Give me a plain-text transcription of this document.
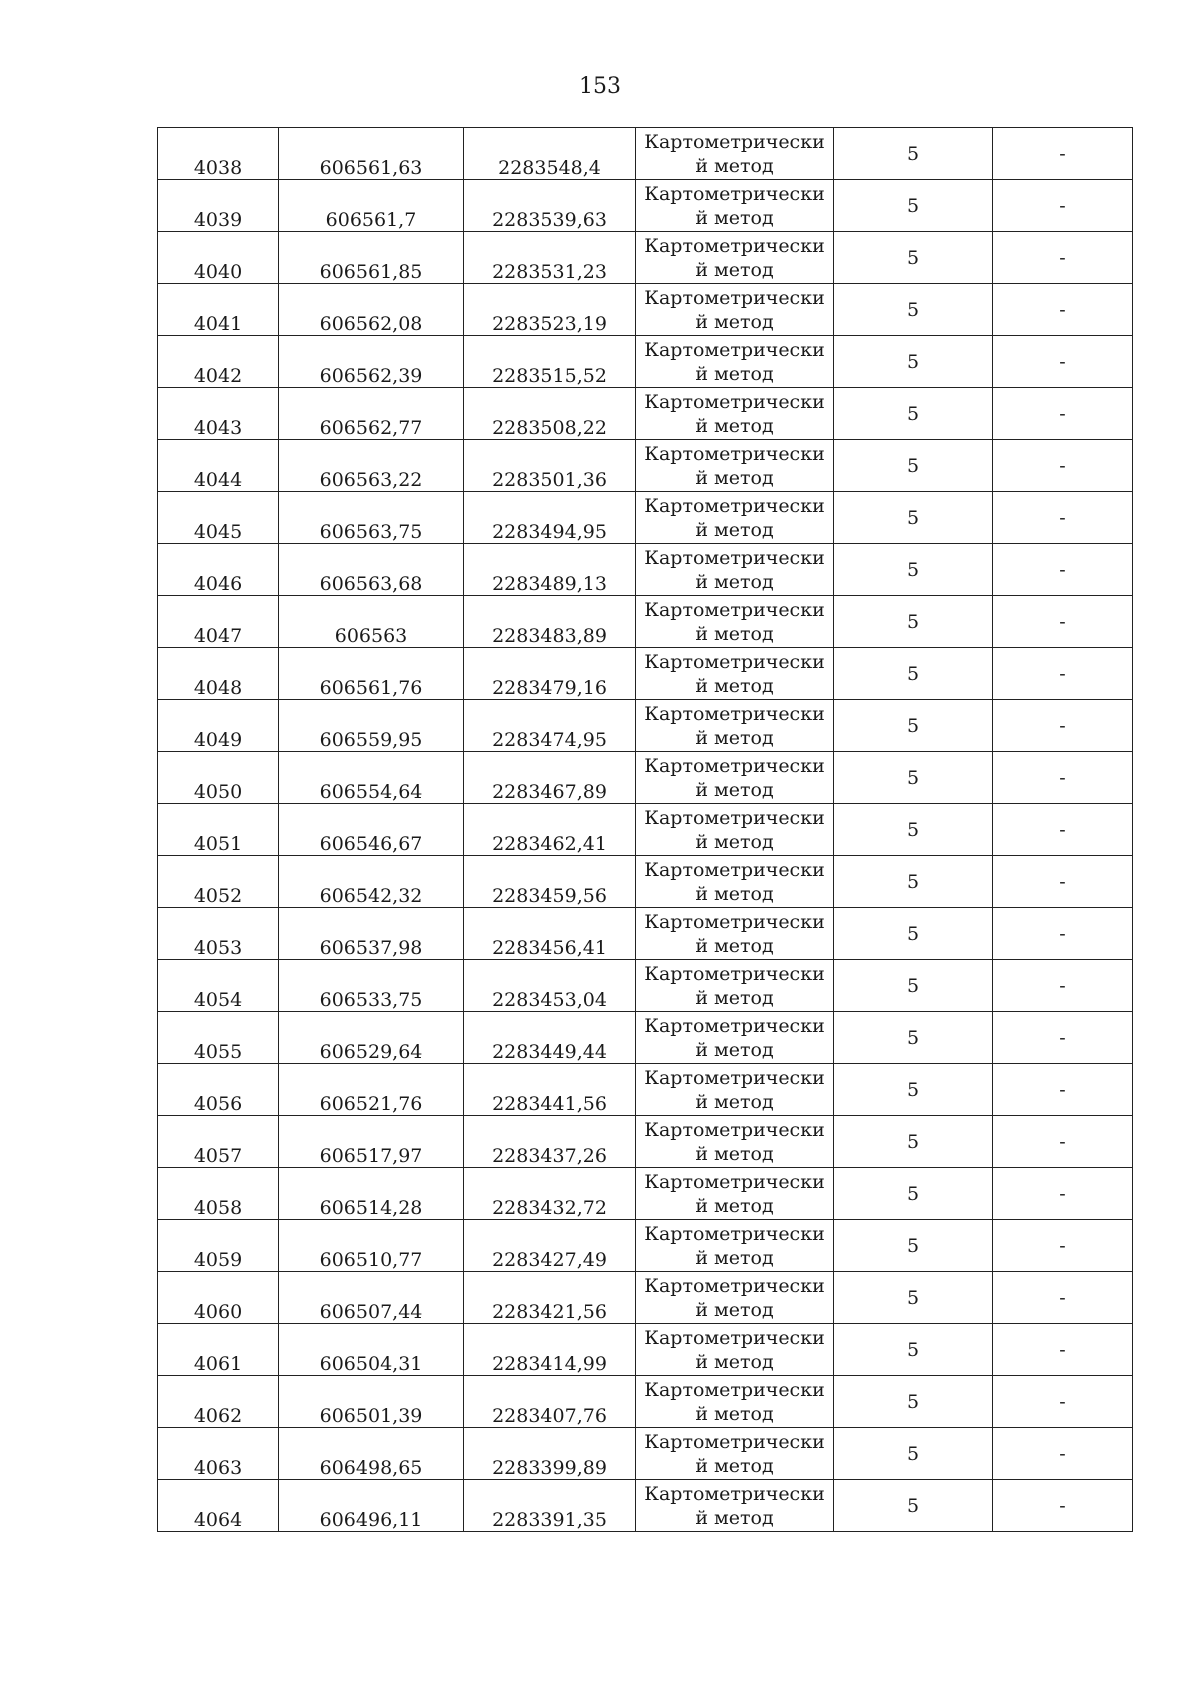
153
4038	606561,63	2283548,4	Картометрически
й метод	5	-
4039	606561,7	2283539,63	Картометрически
й метод	5	-
4040	606561,85	2283531,23	Картометрически
й метод	5	-
4041	606562,08	2283523,19	Картометрически
й метод	5	-
4042	606562,39	2283515,52	Картометрически
й метод	5	-
4043	606562,77	2283508,22	Картометрически
й метод	5	-
4044	606563,22	2283501,36	Картометрически
й метод	5	-
4045	606563,75	2283494,95	Картометрически
й метод	5	-
4046	606563,68	2283489,13	Картометрически
й метод	5	-
4047	606563	2283483,89	Картометрически
й метод	5	-
4048	606561,76	2283479,16	Картометрически
й метод	5	-
4049	606559,95	2283474,95	Картометрически
й метод	5	-
4050	606554,64	2283467,89	Картометрически
й метод	5	-
4051	606546,67	2283462,41	Картометрически
й метод	5	-
4052	606542,32	2283459,56	Картометрически
й метод	5	-
4053	606537,98	2283456,41	Картометрически
й метод	5	-
4054	606533,75	2283453,04	Картометрически
й метод	5	-
4055	606529,64	2283449,44	Картометрически
й метод	5	-
4056	606521,76	2283441,56	Картометрически
й метод	5	-
4057	606517,97	2283437,26	Картометрически
й метод	5	-
4058	606514,28	2283432,72	Картометрически
й метод	5	-
4059	606510,77	2283427,49	Картометрически
й метод	5	-
4060	606507,44	2283421,56	Картометрически
й метод	5	-
4061	606504,31	2283414,99	Картометрически
й метод	5	-
4062	606501,39	2283407,76	Картометрически
й метод	5	-
4063	606498,65	2283399,89	Картометрически
й метод	5	-
4064	606496,11	2283391,35	Картометрически
й метод	5	-
